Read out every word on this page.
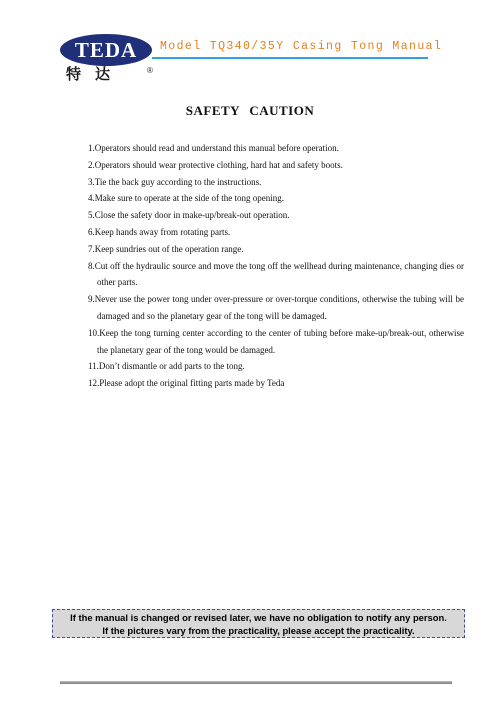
TEDA
特达	®
Model TQ340/35Y Casing Tong Manual
SAFETY CAUTION
1.Operators should read and understand this manual before operation.
2.Operators should wear protective clothing, hard hat and safety boots.
3.Tie the back guy according to the instructions.
4.Make sure to operate at the side of the tong opening.
5.Close the safety door in make-up/break-out operation.
6.Keep hands away from rotating parts.
7.Keep sundries out of the operation range.
8.Cut off the hydraulic source and move the tong off the wellhead during maintenance, changing dies or other parts.
9.Never use the power tong under over-pressure or over-torque conditions, otherwise the tubing will be damaged and so the planetary gear of the tong will be damaged.
10.Keep the tong turning center according to the center of tubing before make-up/break-out, otherwise the planetary gear of the tong would be damaged.
11.Don’t dismantle or add parts to the tong.
12.Please adopt the original fitting parts made by Teda
If the manual is changed or revised later, we have no obligation to notify any person.
If the pictures vary from the practicality, please accept the practicality.
